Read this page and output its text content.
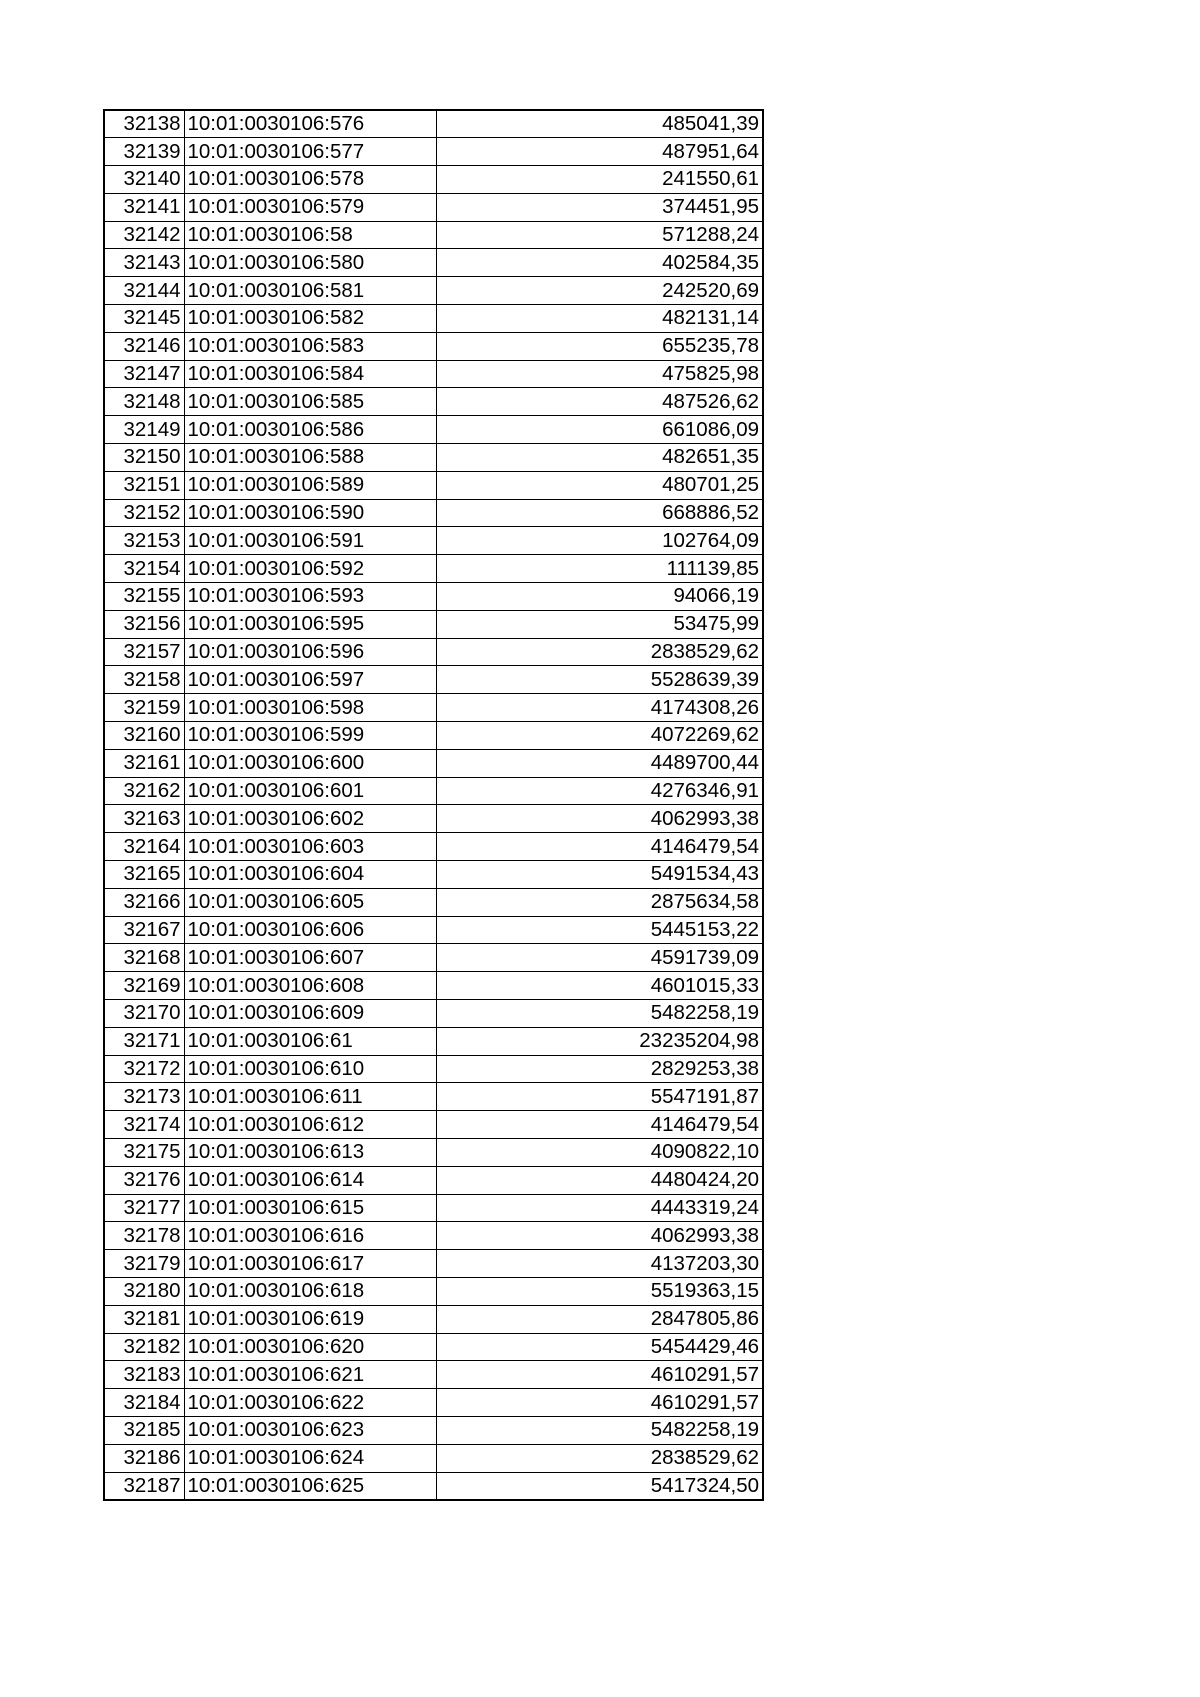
32138	10:01:0030106:576	485041,39
32139	10:01:0030106:577	487951,64
32140	10:01:0030106:578	241550,61
32141	10:01:0030106:579	374451,95
32142	10:01:0030106:58	571288,24
32143	10:01:0030106:580	402584,35
32144	10:01:0030106:581	242520,69
32145	10:01:0030106:582	482131,14
32146	10:01:0030106:583	655235,78
32147	10:01:0030106:584	475825,98
32148	10:01:0030106:585	487526,62
32149	10:01:0030106:586	661086,09
32150	10:01:0030106:588	482651,35
32151	10:01:0030106:589	480701,25
32152	10:01:0030106:590	668886,52
32153	10:01:0030106:591	102764,09
32154	10:01:0030106:592	111139,85
32155	10:01:0030106:593	94066,19
32156	10:01:0030106:595	53475,99
32157	10:01:0030106:596	2838529,62
32158	10:01:0030106:597	5528639,39
32159	10:01:0030106:598	4174308,26
32160	10:01:0030106:599	4072269,62
32161	10:01:0030106:600	4489700,44
32162	10:01:0030106:601	4276346,91
32163	10:01:0030106:602	4062993,38
32164	10:01:0030106:603	4146479,54
32165	10:01:0030106:604	5491534,43
32166	10:01:0030106:605	2875634,58
32167	10:01:0030106:606	5445153,22
32168	10:01:0030106:607	4591739,09
32169	10:01:0030106:608	4601015,33
32170	10:01:0030106:609	5482258,19
32171	10:01:0030106:61	23235204,98
32172	10:01:0030106:610	2829253,38
32173	10:01:0030106:611	5547191,87
32174	10:01:0030106:612	4146479,54
32175	10:01:0030106:613	4090822,10
32176	10:01:0030106:614	4480424,20
32177	10:01:0030106:615	4443319,24
32178	10:01:0030106:616	4062993,38
32179	10:01:0030106:617	4137203,30
32180	10:01:0030106:618	5519363,15
32181	10:01:0030106:619	2847805,86
32182	10:01:0030106:620	5454429,46
32183	10:01:0030106:621	4610291,57
32184	10:01:0030106:622	4610291,57
32185	10:01:0030106:623	5482258,19
32186	10:01:0030106:624	2838529,62
32187	10:01:0030106:625	5417324,50
